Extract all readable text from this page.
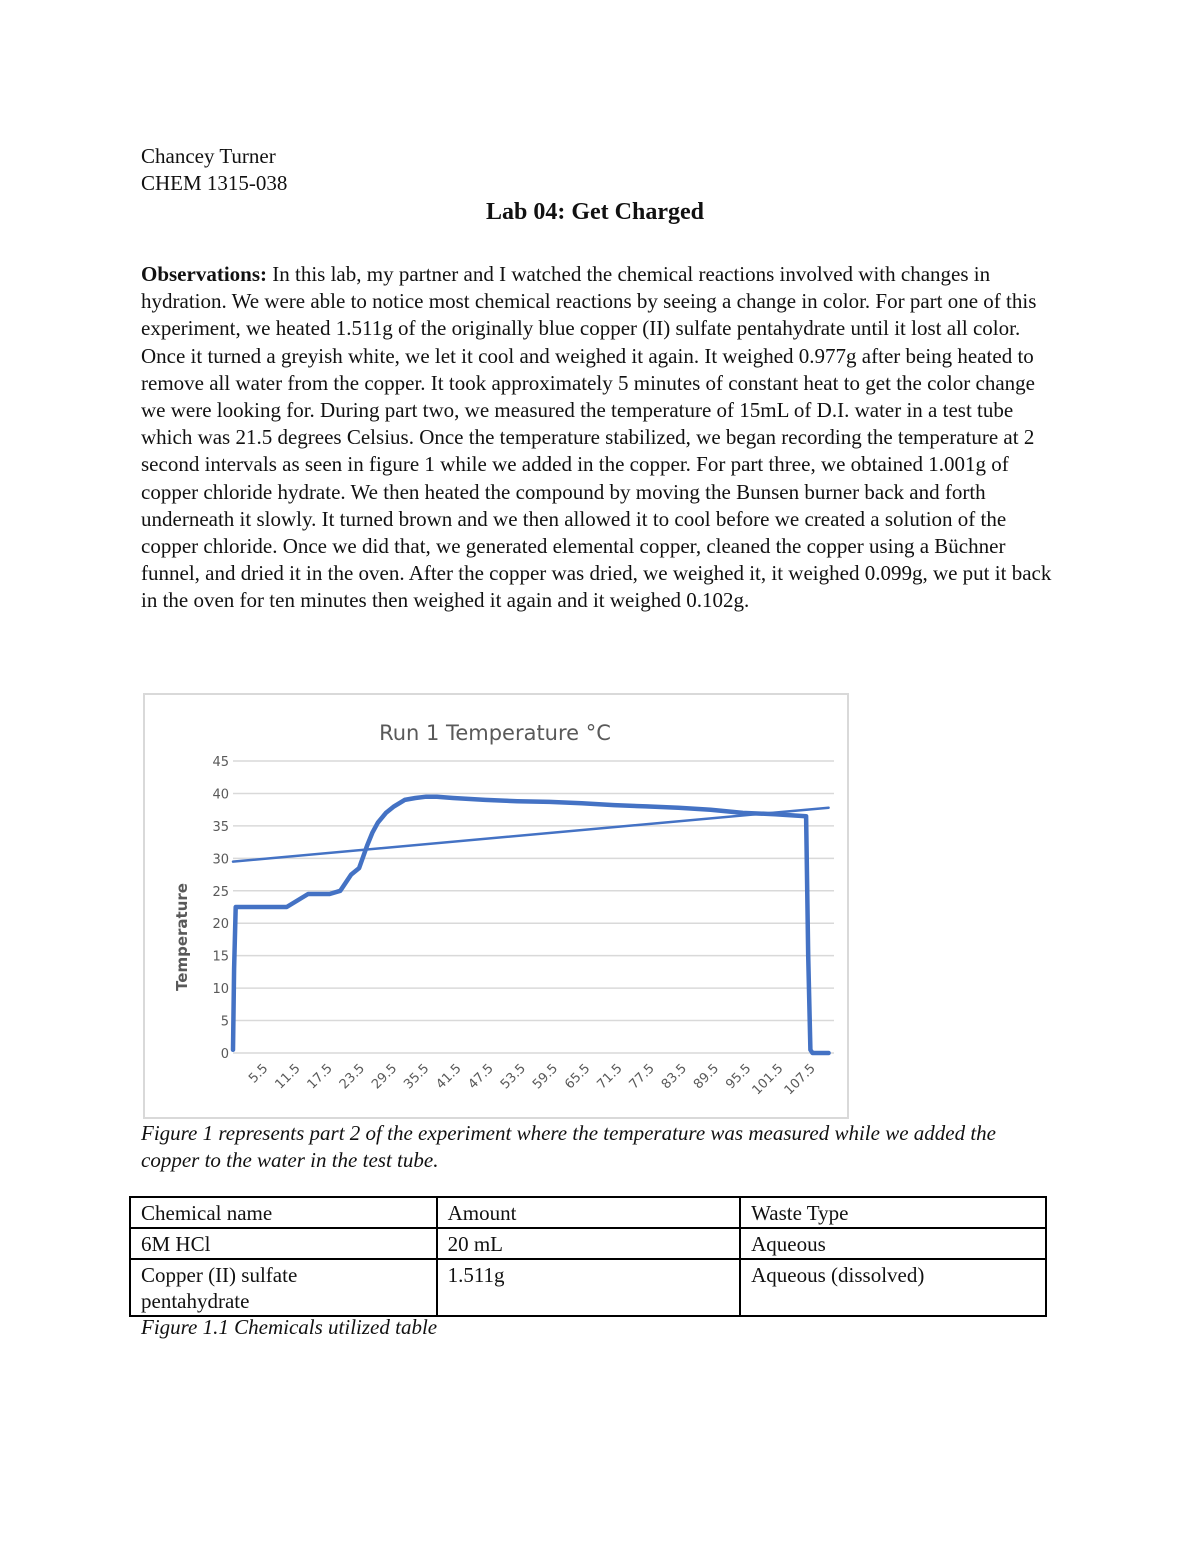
Chancey Turner
CHEM 1315-038
Lab 04: Get Charged
Observations: In this lab, my partner and I watched the chemical reactions involved with changes in hydration. We were able to notice most chemical reactions by seeing a change in color. For part one of this experiment, we heated 1.511g of the originally blue copper (II) sulfate pentahydrate until it lost all color. Once it turned a greyish white, we let it cool and weighed it again. It weighed 0.977g after being heated to remove all water from the copper. It took approximately 5 minutes of constant heat to get the color change we were looking for. During part two, we measured the temperature of 15mL of D.I. water in a test tube which was 21.5 degrees Celsius. Once the temperature stabilized, we began recording the temperature at 2 second intervals as seen in figure 1 while we added in the copper. For part three, we obtained 1.001g of copper chloride hydrate. We then heated the compound by moving the Bunsen burner back and forth underneath it slowly. It turned brown and we then allowed it to cool before we created a solution of the copper chloride. Once we did that, we generated elemental copper, cleaned the copper using a Büchner funnel, and dried it in the oven. After the copper was dried, we weighed it, it weighed 0.099g, we put it back in the oven for ten minutes then weighed it again and it weighed 0.102g.
Run 1 Temperature °C
Temperature
0
5
10
15
20
25
30
35
40
45
5.5 11.5 17.5 23.5 29.5 35.5 41.5 47.5 53.5 59.5 65.5 71.5 77.5 83.5 89.5 95.5
101.5
107.5
Figure 1 represents part 2 of the experiment where the temperature was measured while we added the copper to the water in the test tube.
Chemical name	Amount	Waste Type
6M HCl	20 mL	Aqueous
Copper (II) sulfate pentahydrate	1.511g	Aqueous (dissolved)
Figure 1.1 Chemicals utilized table
